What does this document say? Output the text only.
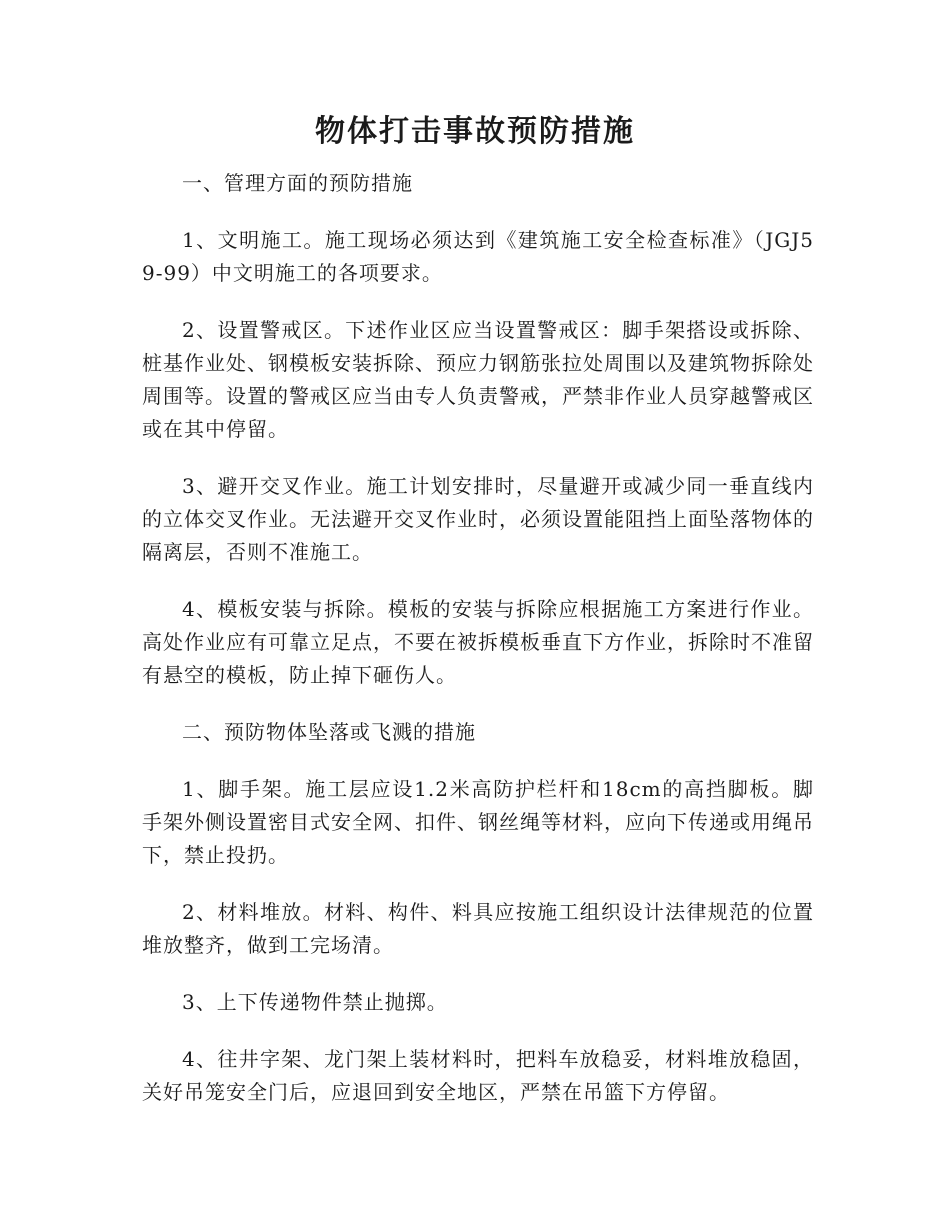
物体打击事故预防措施

一、管理方面的预防措施

1、文明施工。施工现场必须达到《建筑施工安全检查标准》（JGJ59-99）中文明施工的各项要求。

2、设置警戒区。下述作业区应当设置警戒区：脚手架搭设或拆除、桩基作业处、钢模板安装拆除、预应力钢筋张拉处周围以及建筑物拆除处周围等。设置的警戒区应当由专人负责警戒，严禁非作业人员穿越警戒区或在其中停留。

3、避开交叉作业。施工计划安排时，尽量避开或减少同一垂直线内的立体交叉作业。无法避开交叉作业时，必须设置能阻挡上面坠落物体的隔离层，否则不准施工。

4、模板安装与拆除。模板的安装与拆除应根据施工方案进行作业。高处作业应有可靠立足点，不要在被拆模板垂直下方作业，拆除时不准留有悬空的模板，防止掉下砸伤人。

二、预防物体坠落或飞溅的措施

1、脚手架。施工层应设1.2米高防护栏杆和18cm的高挡脚板。脚手架外侧设置密目式安全网、扣件、钢丝绳等材料，应向下传递或用绳吊下，禁止投扔。

2、材料堆放。材料、构件、料具应按施工组织设计法律规范的位置堆放整齐，做到工完场清。

3、上下传递物件禁止抛掷。

4、往井字架、龙门架上装材料时，把料车放稳妥，材料堆放稳固，关好吊笼安全门后，应退回到安全地区，严禁在吊篮下方停留。
